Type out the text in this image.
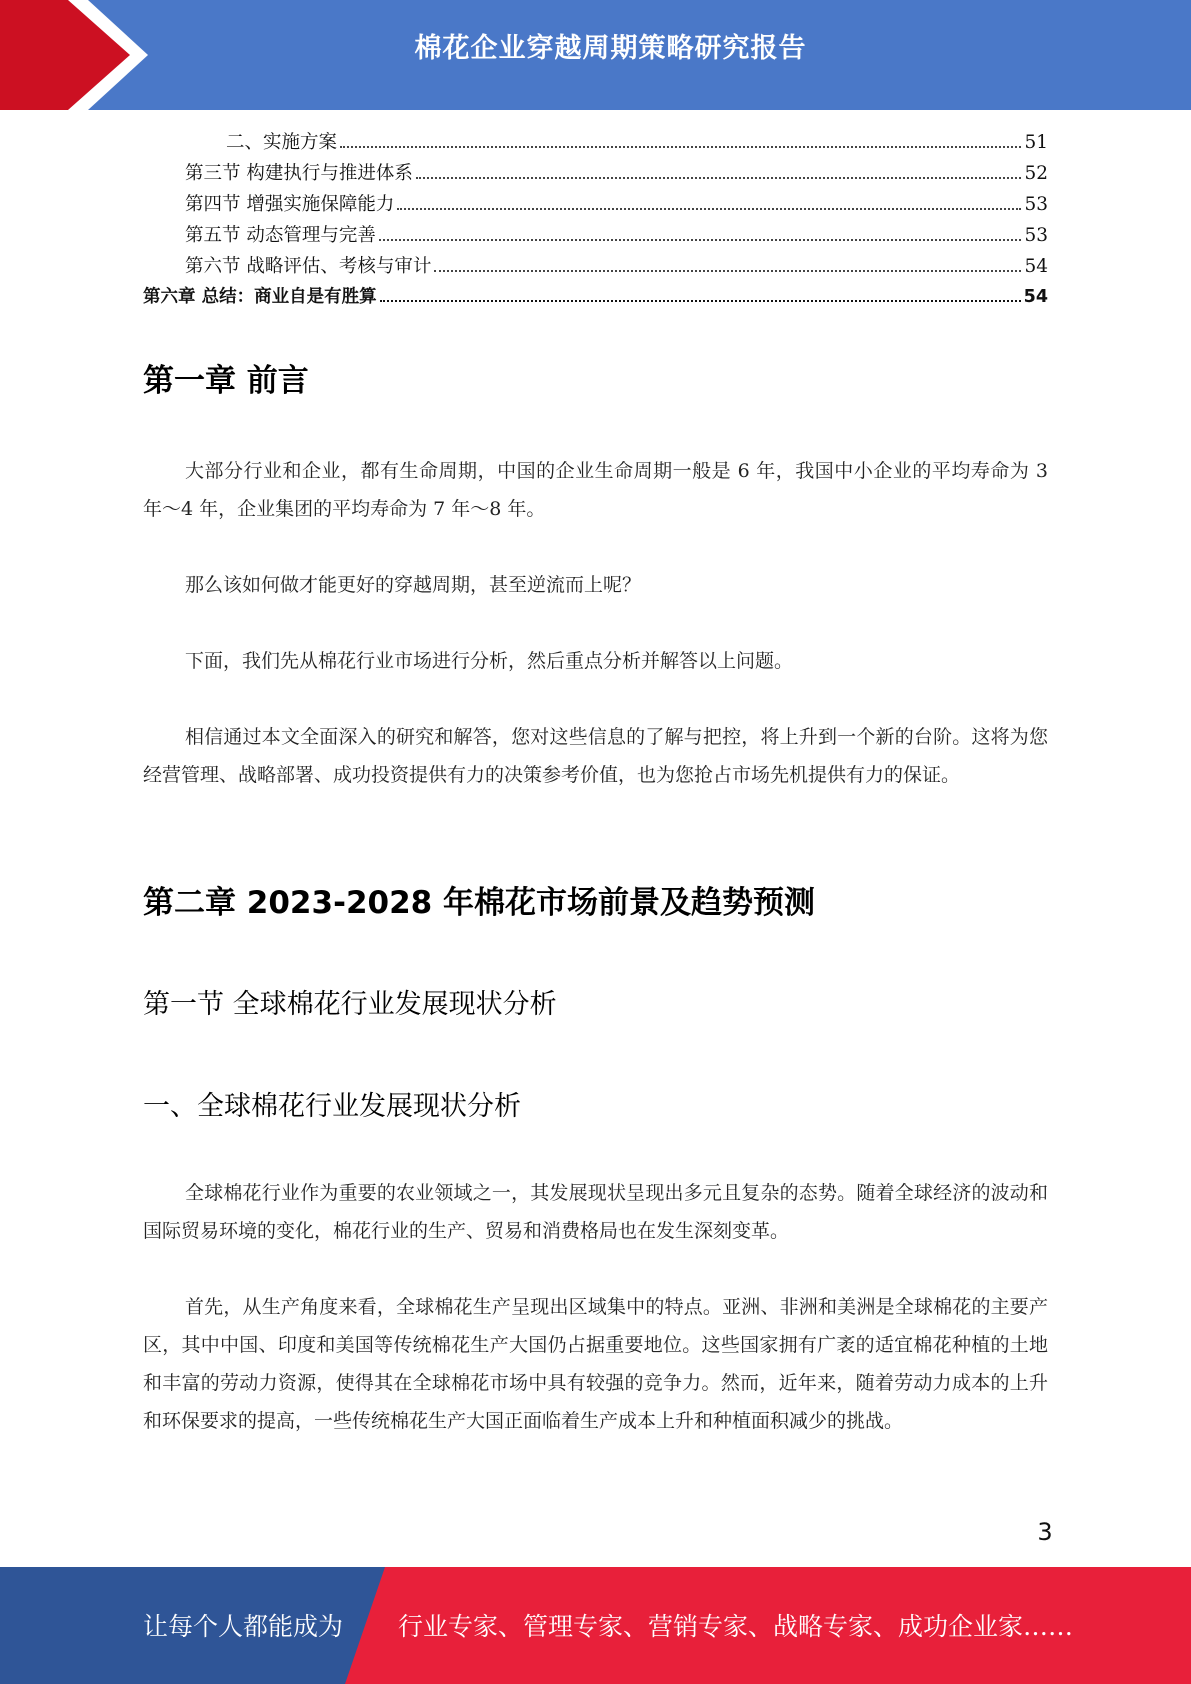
棉花企业穿越周期策略研究报告
二、实施方案	51
第三节 构建执行与推进体系	52
第四节 增强实施保障能力	53
第五节 动态管理与完善	53
第六节 战略评估、考核与审计	54
第六章 总结：商业自是有胜算	54
第一章 前言
大部分行业和企业，都有生命周期，中国的企业生命周期一般是 6 年，我国中小企业的平均寿命为 3 年～4 年，企业集团的平均寿命为 7 年～8 年。
那么该如何做才能更好的穿越周期，甚至逆流而上呢？
下面，我们先从棉花行业市场进行分析，然后重点分析并解答以上问题。
相信通过本文全面深入的研究和解答，您对这些信息的了解与把控，将上升到一个新的台阶。这将为您经营管理、战略部署、成功投资提供有力的决策参考价值，也为您抢占市场先机提供有力的保证。
第二章 2023-2028 年棉花市场前景及趋势预测
第一节 全球棉花行业发展现状分析
一、全球棉花行业发展现状分析
全球棉花行业作为重要的农业领域之一，其发展现状呈现出多元且复杂的态势。随着全球经济的波动和国际贸易环境的变化，棉花行业的生产、贸易和消费格局也在发生深刻变革。
首先，从生产角度来看，全球棉花生产呈现出区域集中的特点。亚洲、非洲和美洲是全球棉花的主要产区，其中中国、印度和美国等传统棉花生产大国仍占据重要地位。这些国家拥有广袤的适宜棉花种植的土地和丰富的劳动力资源，使得其在全球棉花市场中具有较强的竞争力。然而，近年来，随着劳动力成本的上升和环保要求的提高，一些传统棉花生产大国正面临着生产成本上升和种植面积减少的挑战。
3
让每个人都能成为 行业专家、管理专家、营销专家、战略专家、成功企业家……
